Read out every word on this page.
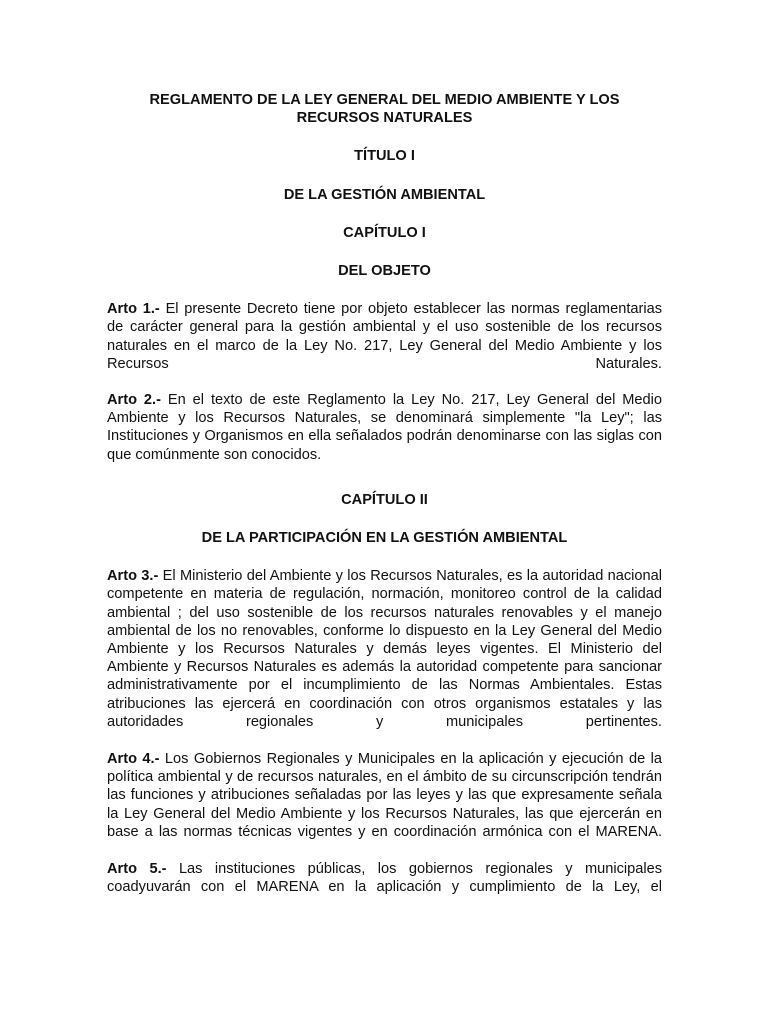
REGLAMENTO DE LA LEY GENERAL DEL MEDIO AMBIENTE Y LOS RECURSOS NATURALES

TÍTULO I

DE LA GESTIÓN AMBIENTAL

CAPÍTULO I

DEL OBJETO

Arto 1.- El presente Decreto tiene por objeto establecer las normas reglamentarias de carácter general para la gestión ambiental y el uso sostenible de los recursos naturales en el marco de la Ley No. 217, Ley General del Medio Ambiente y los Recursos Naturales.

Arto 2.- En el texto de este Reglamento la Ley No. 217, Ley General del Medio Ambiente y los Recursos Naturales, se denominará simplemente "la Ley"; las Instituciones y Organismos en ella señalados podrán denominarse con las siglas con que comúnmente son conocidos.

CAPÍTULO II

DE LA PARTICIPACIÓN EN LA GESTIÓN AMBIENTAL

Arto 3.- El Ministerio del Ambiente y los Recursos Naturales, es la autoridad nacional competente en materia de regulación, normación, monitoreo control de la calidad ambiental ; del uso sostenible de los recursos naturales renovables y el manejo ambiental de los no renovables, conforme lo dispuesto en la Ley General del Medio Ambiente y los Recursos Naturales y demás leyes vigentes. El Ministerio del Ambiente y Recursos Naturales es además la autoridad competente para sancionar administrativamente por el incumplimiento de las Normas Ambientales. Estas atribuciones las ejercerá en coordinación con otros organismos estatales y las autoridades regionales y municipales pertinentes.

Arto 4.- Los Gobiernos Regionales y Municipales en la aplicación y ejecución de la política ambiental y de recursos naturales, en el ámbito de su circunscripción tendrán las funciones y atribuciones señaladas por las leyes y las que expresamente señala la Ley General del Medio Ambiente y los Recursos Naturales, las que ejercerán en base a las normas técnicas vigentes y en coordinación armónica con el MARENA.

Arto 5.- Las instituciones públicas, los gobiernos regionales y municipales coadyuvarán con el MARENA en la aplicación y cumplimiento de la Ley, el
